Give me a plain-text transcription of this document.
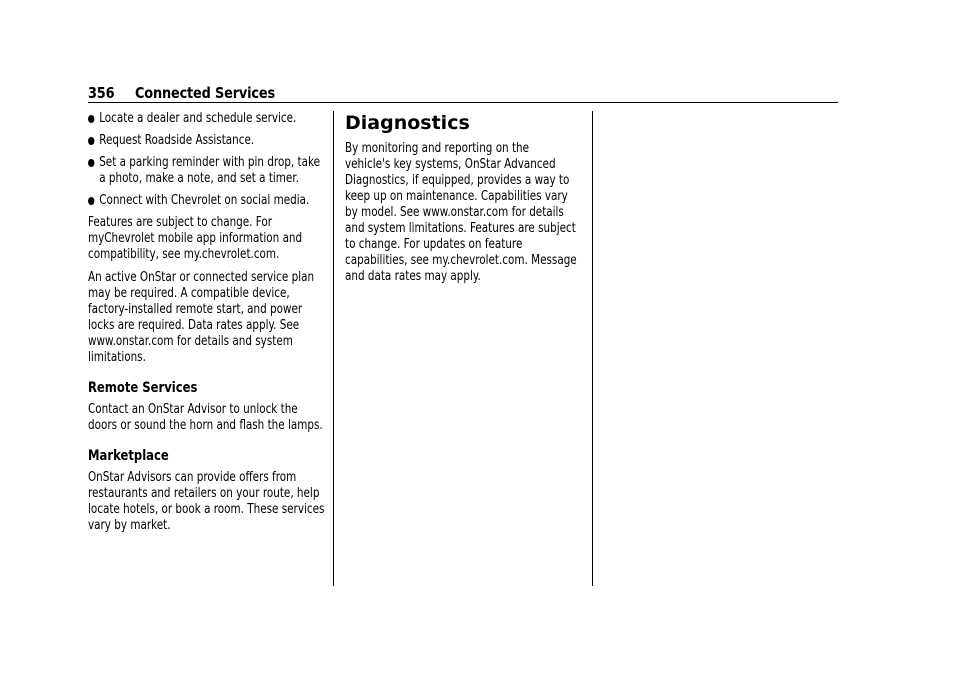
356 Connected Services
Locate a dealer and schedule service.
Request Roadside Assistance.
Set a parking reminder with pin drop, take a photo, make a note, and set a timer.
Connect with Chevrolet on social media.

Features are subject to change. For myChevrolet mobile app information and compatibility, see my.chevrolet.com.

An active OnStar or connected service plan may be required. A compatible device, factory-installed remote start, and power locks are required. Data rates apply. See www.onstar.com for details and system limitations.

Remote Services

Contact an OnStar Advisor to unlock the doors or sound the horn and flash the lamps.

Marketplace

OnStar Advisors can provide offers from restaurants and retailers on your route, help locate hotels, or book a room. These services vary by market.

Diagnostics

By monitoring and reporting on the vehicle's key systems, OnStar Advanced Diagnostics, if equipped, provides a way to keep up on maintenance. Capabilities vary by model. See www.onstar.com for details and system limitations. Features are subject to change. For updates on feature capabilities, see my.chevrolet.com. Message and data rates may apply.
